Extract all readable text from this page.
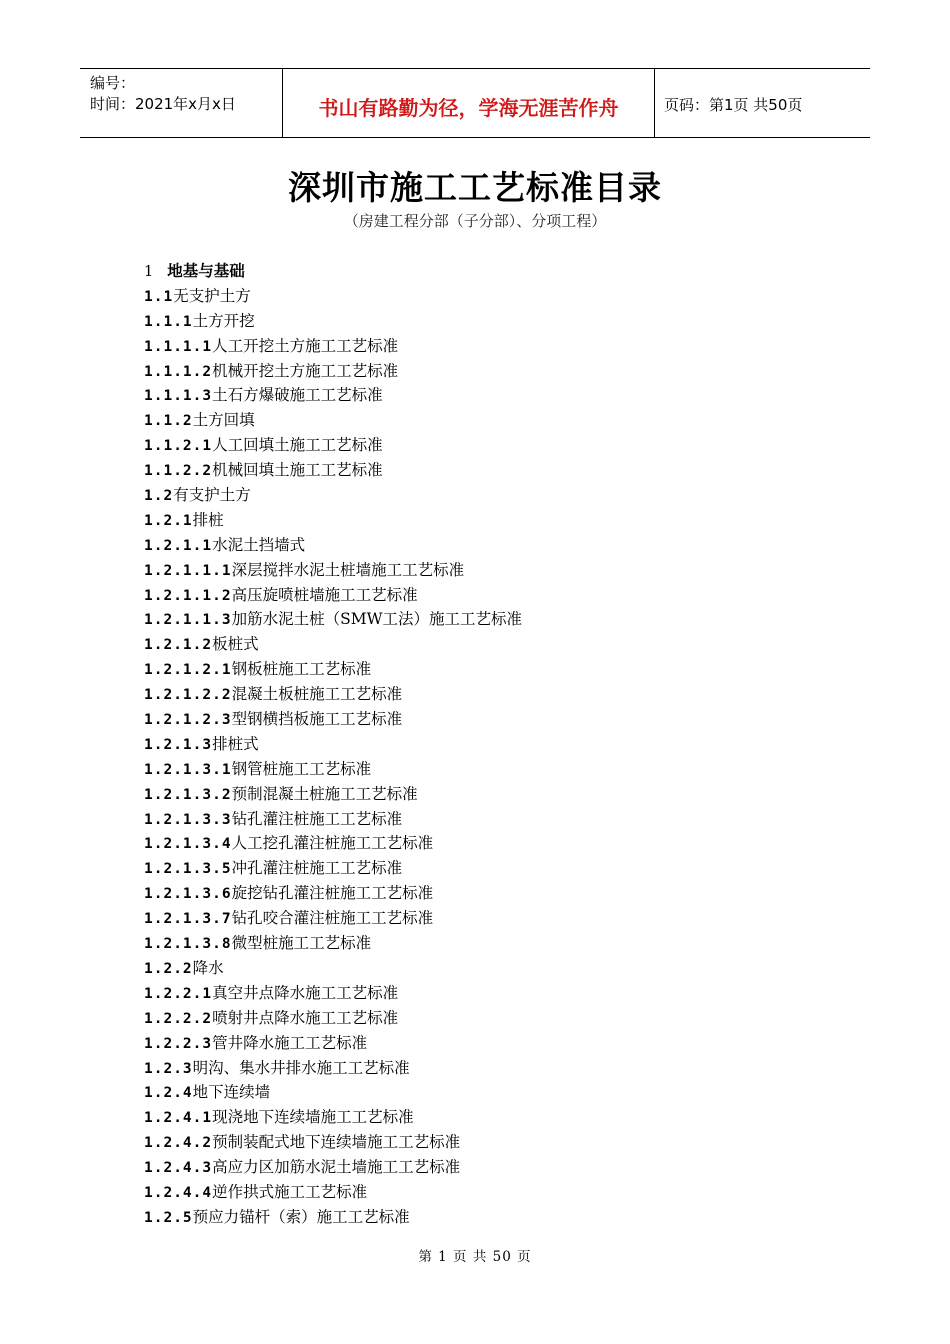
编号：
时间：2021年x月x日	书山有路勤为径，学海无涯苦作舟	页码：第1页 共50页
深圳市施工工艺标准目录
（房建工程分部（子分部）、分项工程）
1 地基与基础
1.1无支护土方
1.1.1土方开挖
1.1.1.1人工开挖土方施工工艺标准
1.1.1.2机械开挖土方施工工艺标准
1.1.1.3土石方爆破施工工艺标准
1.1.2土方回填
1.1.2.1人工回填土施工工艺标准
1.1.2.2机械回填土施工工艺标准
1.2有支护土方
1.2.1排桩
1.2.1.1水泥土挡墙式
1.2.1.1.1深层搅拌水泥土桩墙施工工艺标准
1.2.1.1.2高压旋喷桩墙施工工艺标准
1.2.1.1.3加筋水泥土桩（SMW工法）施工工艺标准
1.2.1.2板桩式
1.2.1.2.1钢板桩施工工艺标准
1.2.1.2.2混凝土板桩施工工艺标准
1.2.1.2.3型钢横挡板施工工艺标准
1.2.1.3排桩式
1.2.1.3.1钢管桩施工工艺标准
1.2.1.3.2预制混凝土桩施工工艺标准
1.2.1.3.3钻孔灌注桩施工工艺标准
1.2.1.3.4人工挖孔灌注桩施工工艺标准
1.2.1.3.5冲孔灌注桩施工工艺标准
1.2.1.3.6旋挖钻孔灌注桩施工工艺标准
1.2.1.3.7钻孔咬合灌注桩施工工艺标准
1.2.1.3.8微型桩施工工艺标准
1.2.2降水
1.2.2.1真空井点降水施工工艺标准
1.2.2.2喷射井点降水施工工艺标准
1.2.2.3管井降水施工工艺标准
1.2.3明沟、集水井排水施工工艺标准
1.2.4地下连续墙
1.2.4.1现浇地下连续墙施工工艺标准
1.2.4.2预制装配式地下连续墙施工工艺标准
1.2.4.3高应力区加筋水泥土墙施工工艺标准
1.2.4.4逆作拱式施工工艺标准
1.2.5预应力锚杆（索）施工工艺标准
第 1 页 共 50 页
